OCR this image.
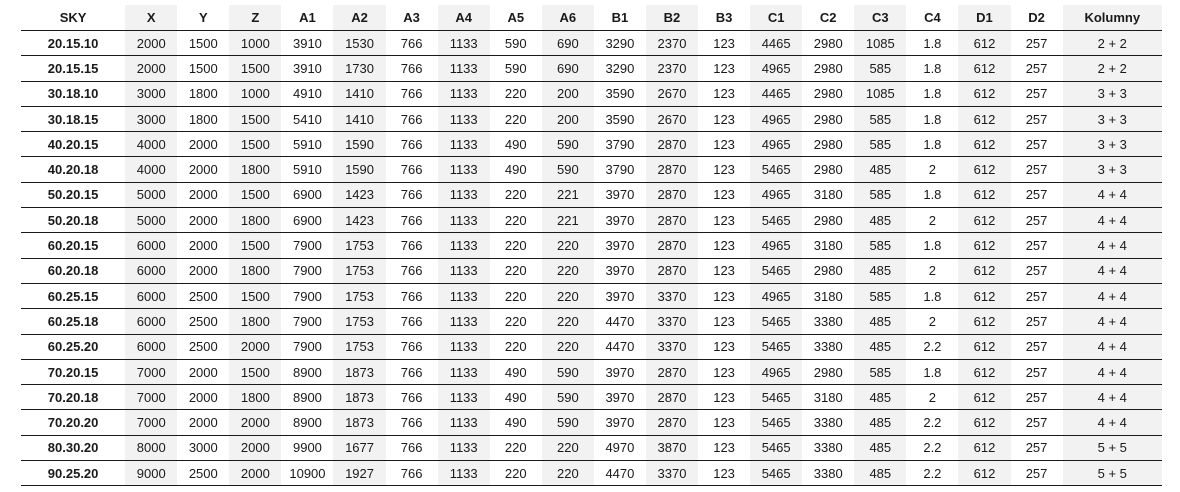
SKY	X	Y	Z	A1	A2	A3	A4	A5	A6	B1	B2	B3	C1	C2	C3	C4	D1	D2	Kolumny
20.15.10	2000	1500	1000	3910	1530	766	1133	590	690	3290	2370	123	4465	2980	1085	1.8	612	257	2 + 2
20.15.15	2000	1500	1500	3910	1730	766	1133	590	690	3290	2370	123	4965	2980	585	1.8	612	257	2 + 2
30.18.10	3000	1800	1000	4910	1410	766	1133	220	200	3590	2670	123	4465	2980	1085	1.8	612	257	3 + 3
30.18.15	3000	1800	1500	5410	1410	766	1133	220	200	3590	2670	123	4965	2980	585	1.8	612	257	3 + 3
40.20.15	4000	2000	1500	5910	1590	766	1133	490	590	3790	2870	123	4965	2980	585	1.8	612	257	3 + 3
40.20.18	4000	2000	1800	5910	1590	766	1133	490	590	3790	2870	123	5465	2980	485	2	612	257	3 + 3
50.20.15	5000	2000	1500	6900	1423	766	1133	220	221	3970	2870	123	4965	3180	585	1.8	612	257	4 + 4
50.20.18	5000	2000	1800	6900	1423	766	1133	220	221	3970	2870	123	5465	2980	485	2	612	257	4 + 4
60.20.15	6000	2000	1500	7900	1753	766	1133	220	220	3970	2870	123	4965	3180	585	1.8	612	257	4 + 4
60.20.18	6000	2000	1800	7900	1753	766	1133	220	220	3970	2870	123	5465	2980	485	2	612	257	4 + 4
60.25.15	6000	2500	1500	7900	1753	766	1133	220	220	3970	3370	123	4965	3180	585	1.8	612	257	4 + 4
60.25.18	6000	2500	1800	7900	1753	766	1133	220	220	4470	3370	123	5465	3380	485	2	612	257	4 + 4
60.25.20	6000	2500	2000	7900	1753	766	1133	220	220	4470	3370	123	5465	3380	485	2.2	612	257	4 + 4
70.20.15	7000	2000	1500	8900	1873	766	1133	490	590	3970	2870	123	4965	2980	585	1.8	612	257	4 + 4
70.20.18	7000	2000	1800	8900	1873	766	1133	490	590	3970	2870	123	5465	3180	485	2	612	257	4 + 4
70.20.20	7000	2000	2000	8900	1873	766	1133	490	590	3970	2870	123	5465	3380	485	2.2	612	257	4 + 4
80.30.20	8000	3000	2000	9900	1677	766	1133	220	220	4970	3870	123	5465	3380	485	2.2	612	257	5 + 5
90.25.20	9000	2500	2000	10900	1927	766	1133	220	220	4470	3370	123	5465	3380	485	2.2	612	257	5 + 5
